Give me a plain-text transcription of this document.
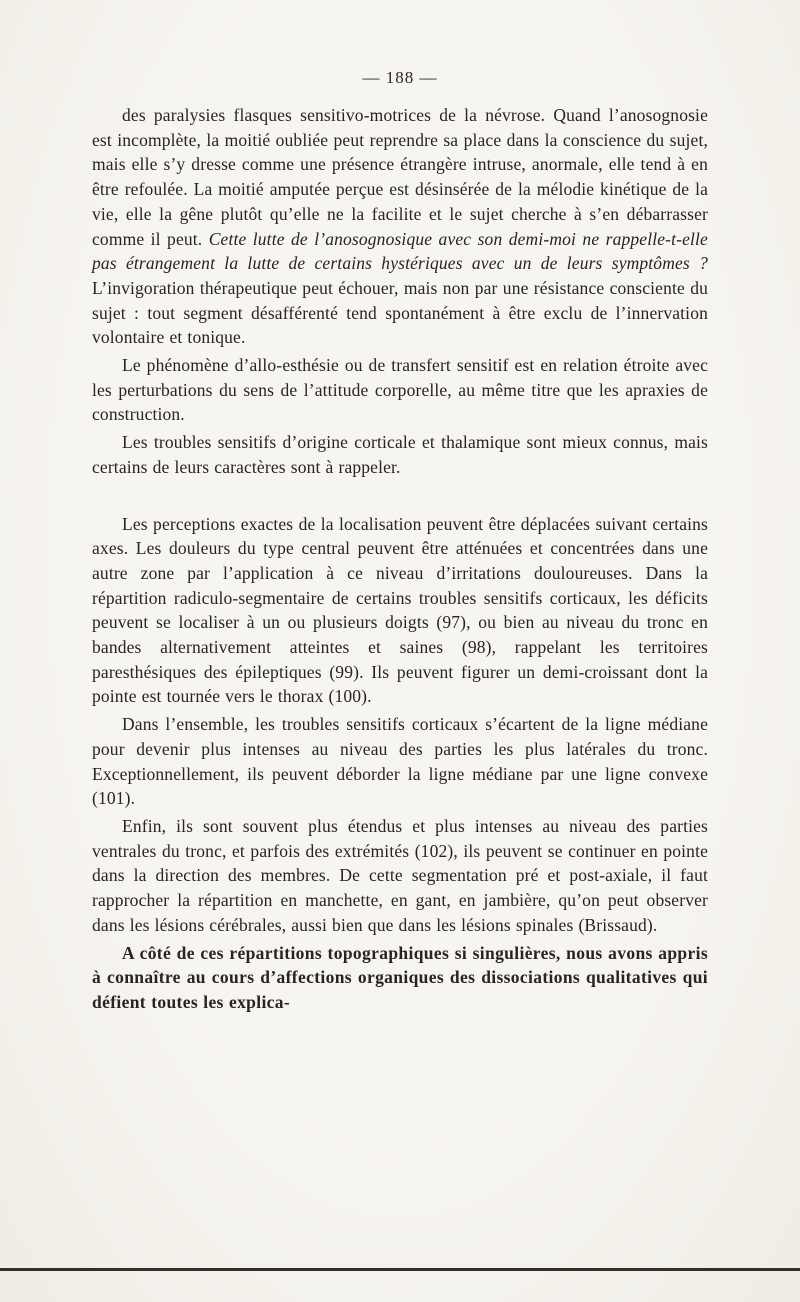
— 188 —

des paralysies flasques sensitivo-motrices de la névrose. Quand l’anosognosie est incomplète, la moitié oubliée peut reprendre sa place dans la conscience du sujet, mais elle s’y dresse comme une présence étrangère intruse, anormale, elle tend à en être refoulée. La moitié amputée perçue est désinsérée de la mélodie kinétique de la vie, elle la gêne plutôt qu’elle ne la facilite et le sujet cherche à s’en débarrasser comme il peut. Cette lutte de l’anosognosique avec son demi-moi ne rappelle-t-elle pas étrangement la lutte de certains hystériques avec un de leurs symptômes ? L’invigoration thérapeutique peut échouer, mais non par une résistance consciente du sujet : tout segment désafférenté tend spontanément à être exclu de l’innervation volontaire et tonique.

Le phénomène d’allo-esthésie ou de transfert sensitif est en relation étroite avec les perturbations du sens de l’attitude corporelle, au même titre que les apraxies de construction.

Les troubles sensitifs d’origine corticale et thalamique sont mieux connus, mais certains de leurs caractères sont à rappeler.

Les perceptions exactes de la localisation peuvent être déplacées suivant certains axes. Les douleurs du type central peuvent être atténuées et concentrées dans une autre zone par l’application à ce niveau d’irritations douloureuses. Dans la répartition radiculo-segmentaire de certains troubles sensitifs corticaux, les déficits peuvent se localiser à un ou plusieurs doigts (97), ou bien au niveau du tronc en bandes alternativement atteintes et saines (98), rappelant les territoires paresthésiques des épileptiques (99). Ils peuvent figurer un demi-croissant dont la pointe est tournée vers le thorax (100).

Dans l’ensemble, les troubles sensitifs corticaux s’écartent de la ligne médiane pour devenir plus intenses au niveau des parties les plus latérales du tronc. Exceptionnellement, ils peuvent déborder la ligne médiane par une ligne convexe (101).

Enfin, ils sont souvent plus étendus et plus intenses au niveau des parties ventrales du tronc, et parfois des extrémités (102), ils peuvent se continuer en pointe dans la direction des membres. De cette segmentation pré et post-axiale, il faut rapprocher la répartition en manchette, en gant, en jambière, qu’on peut observer dans les lésions cérébrales, aussi bien que dans les lésions spinales (Brissaud).

A côté de ces répartitions topographiques si singulières, nous avons appris à connaître au cours d’affections organiques des dissociations qualitatives qui défient toutes les explica-
